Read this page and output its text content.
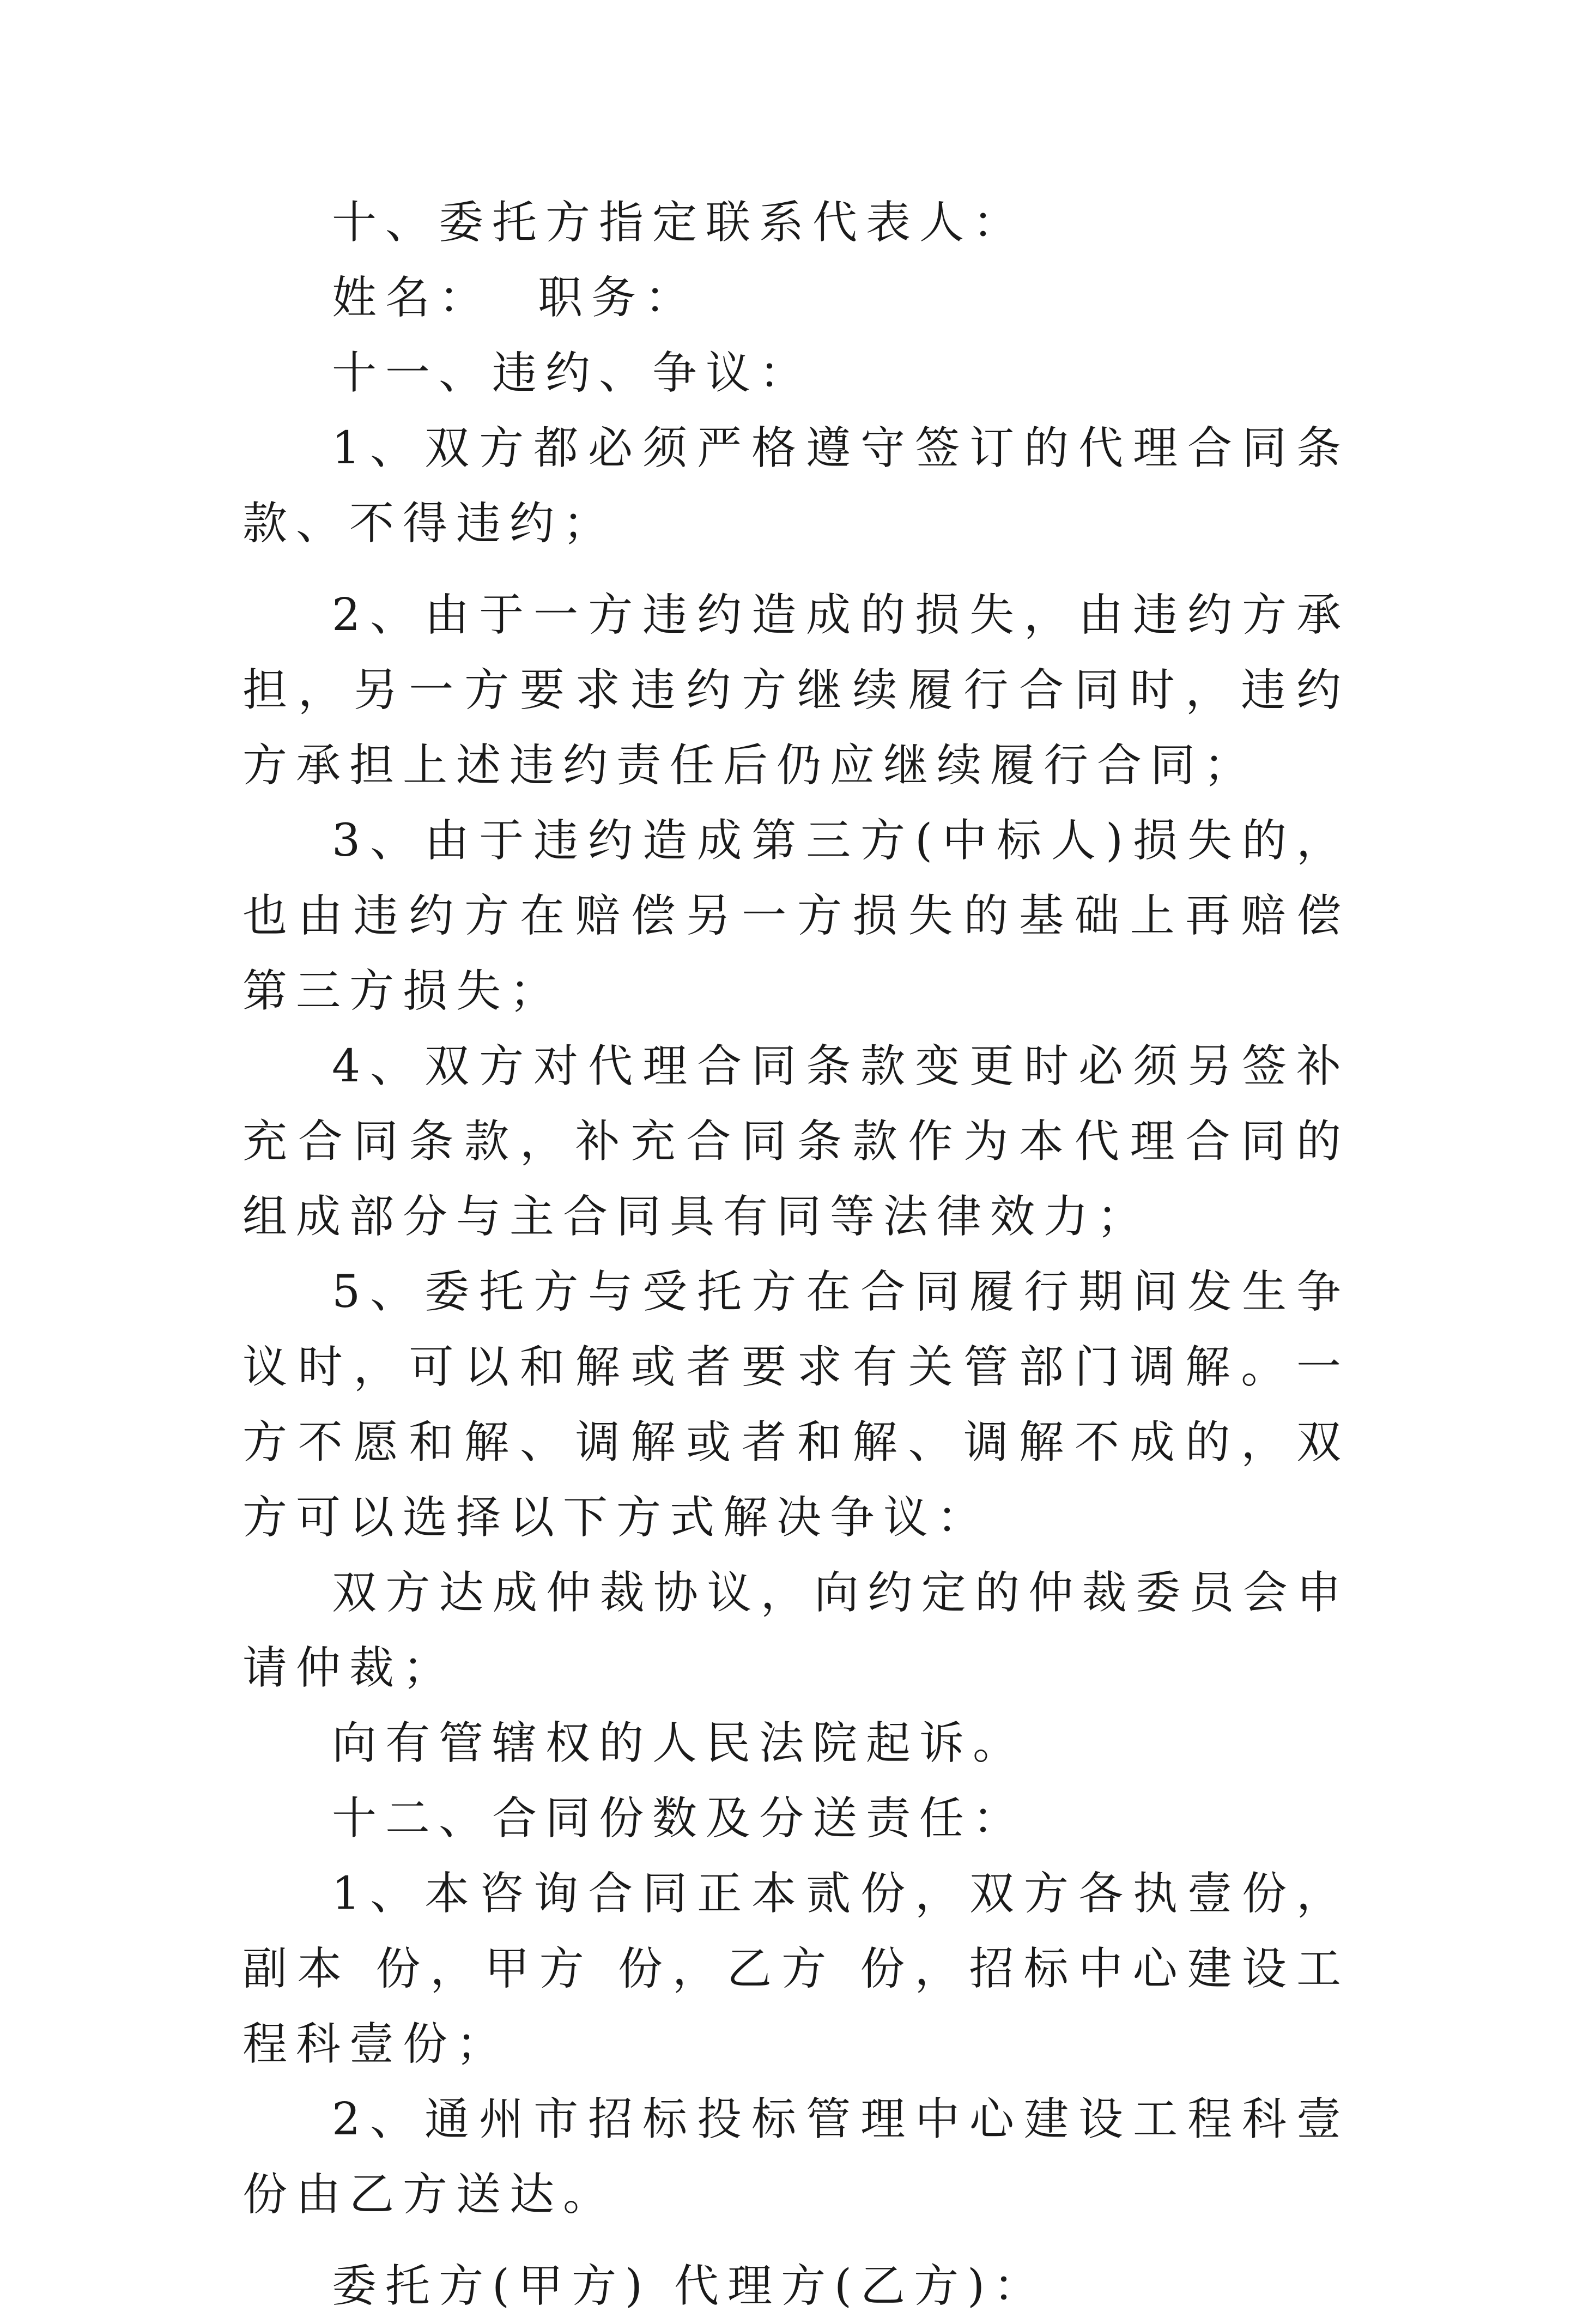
十、委托方指定联系代表人：

姓名：  职务：

十一、违约、争议：

1、双方都必须严格遵守签订的代理合同条款、不得违约；

2、由于一方违约造成的损失，由违约方承担，另一方要求违约方继续履行合同时，违约方承担上述违约责任后仍应继续履行合同；

3、由于违约造成第三方(中标人)损失的，也由违约方在赔偿另一方损失的基础上再赔偿第三方损失；

4、双方对代理合同条款变更时必须另签补充合同条款，补充合同条款作为本代理合同的组成部分与主合同具有同等法律效力；

5、委托方与受托方在合同履行期间发生争议时，可以和解或者要求有关管部门调解。一方不愿和解、调解或者和解、调解不成的，双方可以选择以下方式解决争议：

双方达成仲裁协议，向约定的仲裁委员会申请仲裁；

向有管辖权的人民法院起诉。

十二、合同份数及分送责任：

1、本咨询合同正本贰份，双方各执壹份，副本 份，甲方 份，乙方 份，招标中心建设工程科壹份；

2、通州市招标投标管理中心建设工程科壹份由乙方送达。

委托方(甲方) 代理方(乙方)：
